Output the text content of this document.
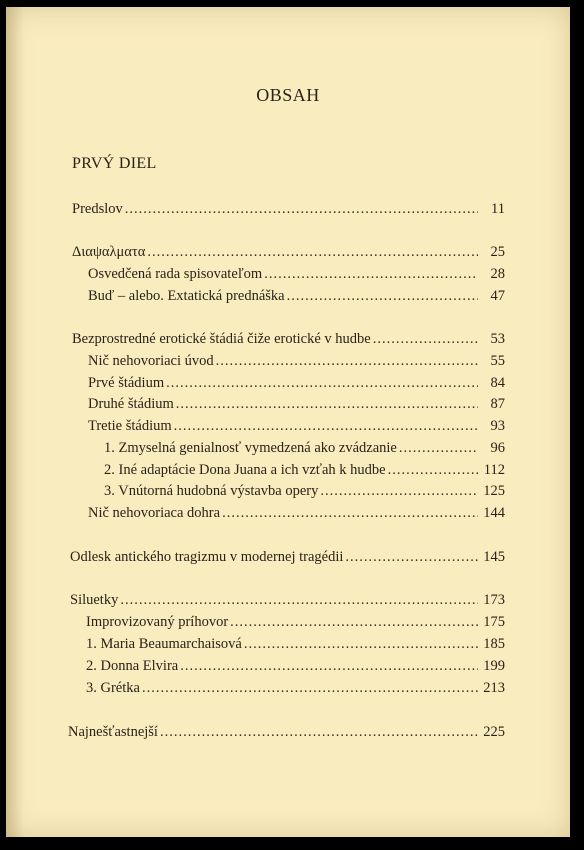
OBSAH
PRVÝ DIEL
Predslov .....	11
Διαψαλματα .....	25
Osvedčená rada spisovateľom .....	28
Buď – alebo. Extatická prednáška .....	47
Bezprostredné erotické štádiá čiže erotické v hudbe .....	53
Nič nehovoriaci úvod .....	55
Prvé štádium .....	84
Druhé štádium .....	87
Tretie štádium .....	93
1. Zmyselná genialnosť vymedzená ako zvádzanie .....	96
2. Iné adaptácie Dona Juana a ich vzťah k hudbe .....	112
3. Vnútorná hudobná výstavba opery .....	125
Nič nehovoriaca dohra .....	144
Odlesk antického tragizmu v modernej tragédii .....	145
Siluetky .....	173
Improvizovaný príhovor .....	175
1. Maria Beaumarchaisová .....	185
2. Donna Elvira .....	199
3. Grétka .....	213
Najnešťastnejší .....	225
